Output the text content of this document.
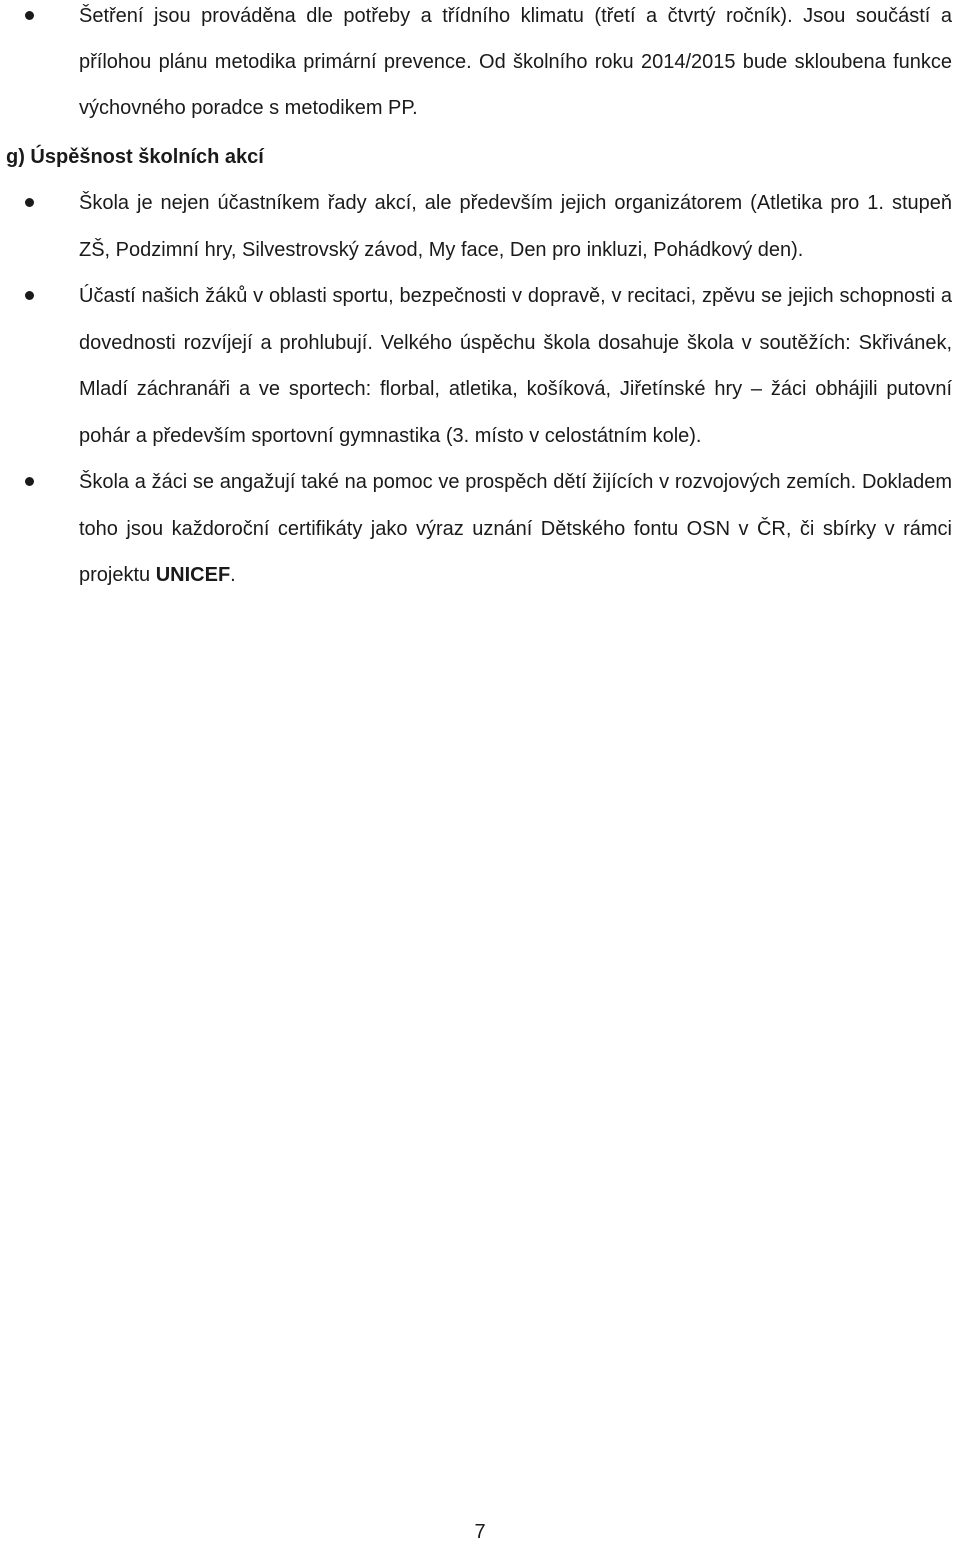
Šetření jsou prováděna dle potřeby a třídního klimatu (třetí a čtvrtý ročník). Jsou součástí a přílohou plánu metodika primární prevence. Od školního roku 2014/2015 bude skloubena funkce výchovného poradce s metodikem PP.
g) Úspěšnost školních akcí
Škola je nejen účastníkem řady akcí, ale především jejich organizátorem (Atletika pro 1. stupeň ZŠ, Podzimní hry, Silvestrovský závod, My face, Den pro inkluzi, Pohádkový den).
Účastí našich žáků v oblasti sportu, bezpečnosti v dopravě, v recitaci, zpěvu se jejich schopnosti a dovednosti rozvíjejí a prohlubují. Velkého úspěchu škola dosahuje škola v soutěžích: Skřivánek, Mladí záchranáři a ve sportech: florbal, atletika, košíková, Jiřetínské hry – žáci obhájili putovní pohár a především sportovní gymnastika (3. místo v celostátním kole).
Škola a žáci se angažují také na pomoc ve prospěch dětí žijících v rozvojových zemích. Dokladem toho jsou každoroční certifikáty jako výraz uznání Dětského fontu OSN v ČR, či sbírky v rámci projektu UNICEF.
7
